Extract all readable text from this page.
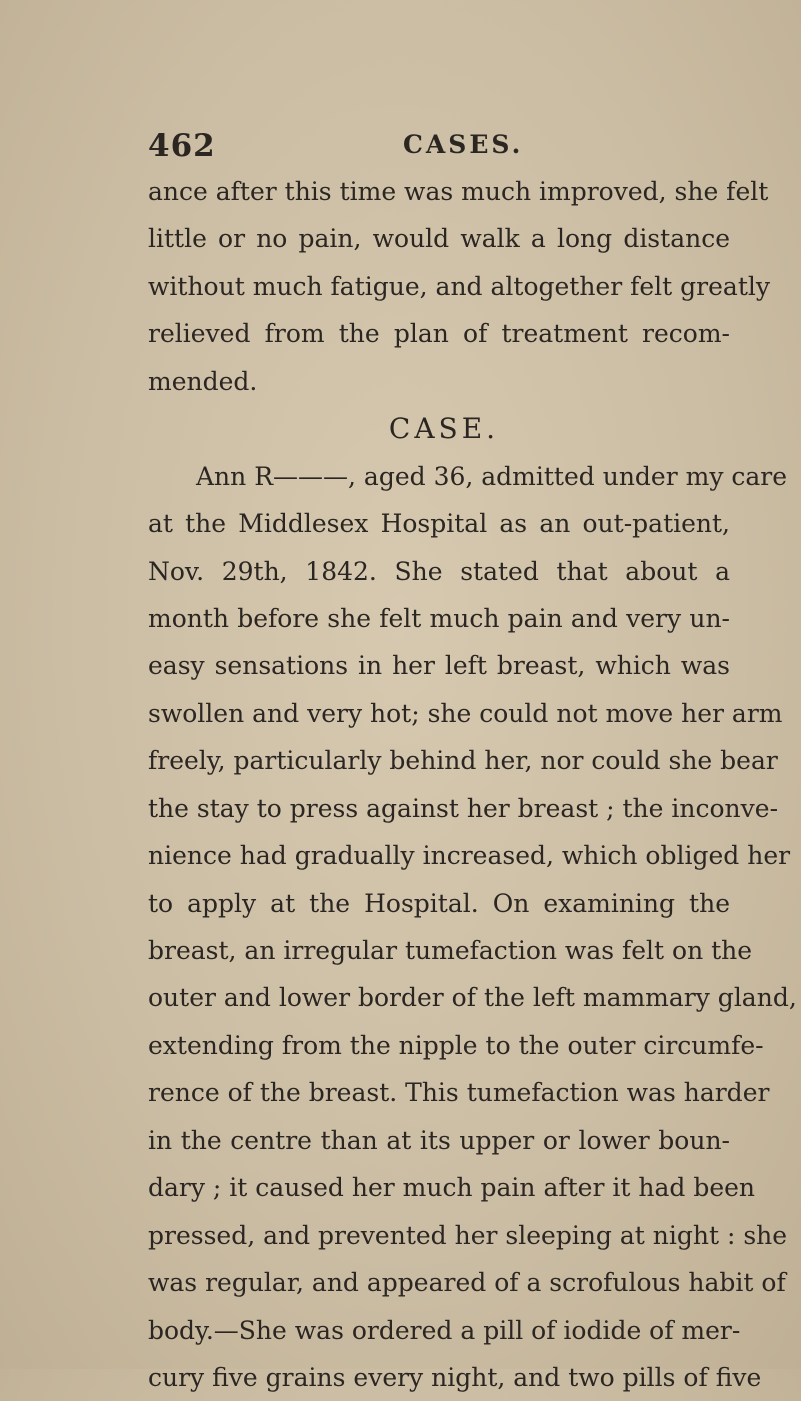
462	CASES.
ance after this time was much improved, she felt
little or no pain, would walk a long distance
without much fatigue, and altogether felt greatly
relieved from the plan of treatment recom-
mended.
CASE.
Ann R———, aged 36, admitted under my care
at the Middlesex Hospital as an out-patient,
Nov. 29th, 1842. She stated that about a
month before she felt much pain and very un-
easy sensations in her left breast, which was
swollen and very hot; she could not move her arm
freely, particularly behind her, nor could she bear
the stay to press against her breast ; the inconve-
nience had gradually increased, which obliged her
to apply at the Hospital. On examining the
breast, an irregular tumefaction was felt on the
outer and lower border of the left mammary gland,
extending from the nipple to the outer circumfe-
rence of the breast. This tumefaction was harder
in the centre than at its upper or lower boun-
dary ; it caused her much pain after it had been
pressed, and prevented her sleeping at night : she
was regular, and appeared of a scrofulous habit of
body.—She was ordered a pill of iodide of mer-
cury five grains every night, and two pills of five
